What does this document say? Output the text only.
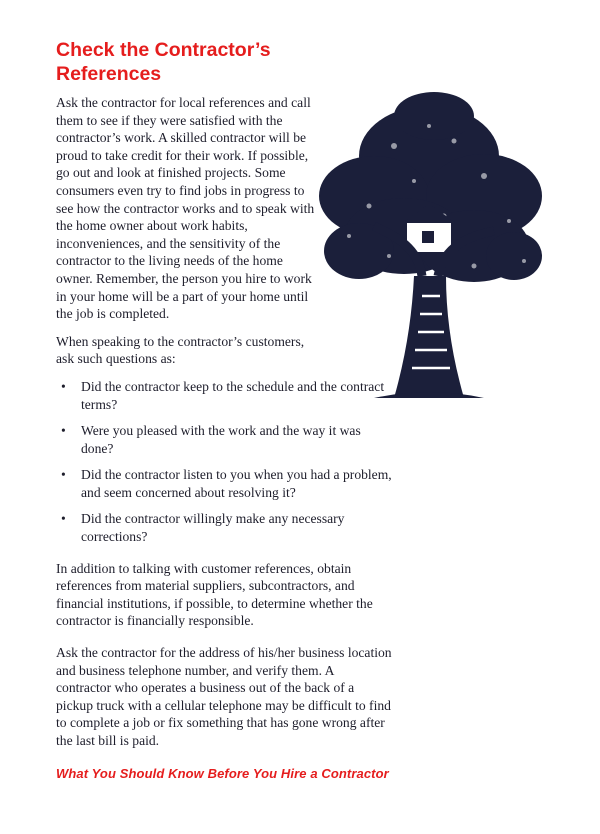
Check the Contractor’s
References

Ask the contractor for local references and call them to see if they were satisfied with the contractor’s work. A skilled contractor will be proud to take credit for their work. If possible, go out and look at finished projects. Some consumers even try to find jobs in progress to see how the contractor works and to speak with the home owner about work habits, inconveniences, and the sensitivity of the contractor to the living needs of the home owner. Remember, the person you hire to work in your home will be a part of your home until the job is completed.

When speaking to the contractor’s customers, ask such questions as:

• Did the contractor keep to the schedule and the contract terms?
• Were you pleased with the work and the way it was done?
• Did the contractor listen to you when you had a problem, and seem concerned about resolving it?
• Did the contractor willingly make any necessary corrections?

In addition to talking with customer references, obtain references from material suppliers, subcontractors, and financial institutions, if possible, to determine whether the contractor is financially responsible.

Ask the contractor for the address of his/her business location and business telephone number, and verify them. A contractor who operates a business out of the back of a pickup truck with a cellular telephone may be difficult to find to complete a job or fix something that has gone wrong after the last bill is paid.

What You Should Know Before You Hire a Contractor
